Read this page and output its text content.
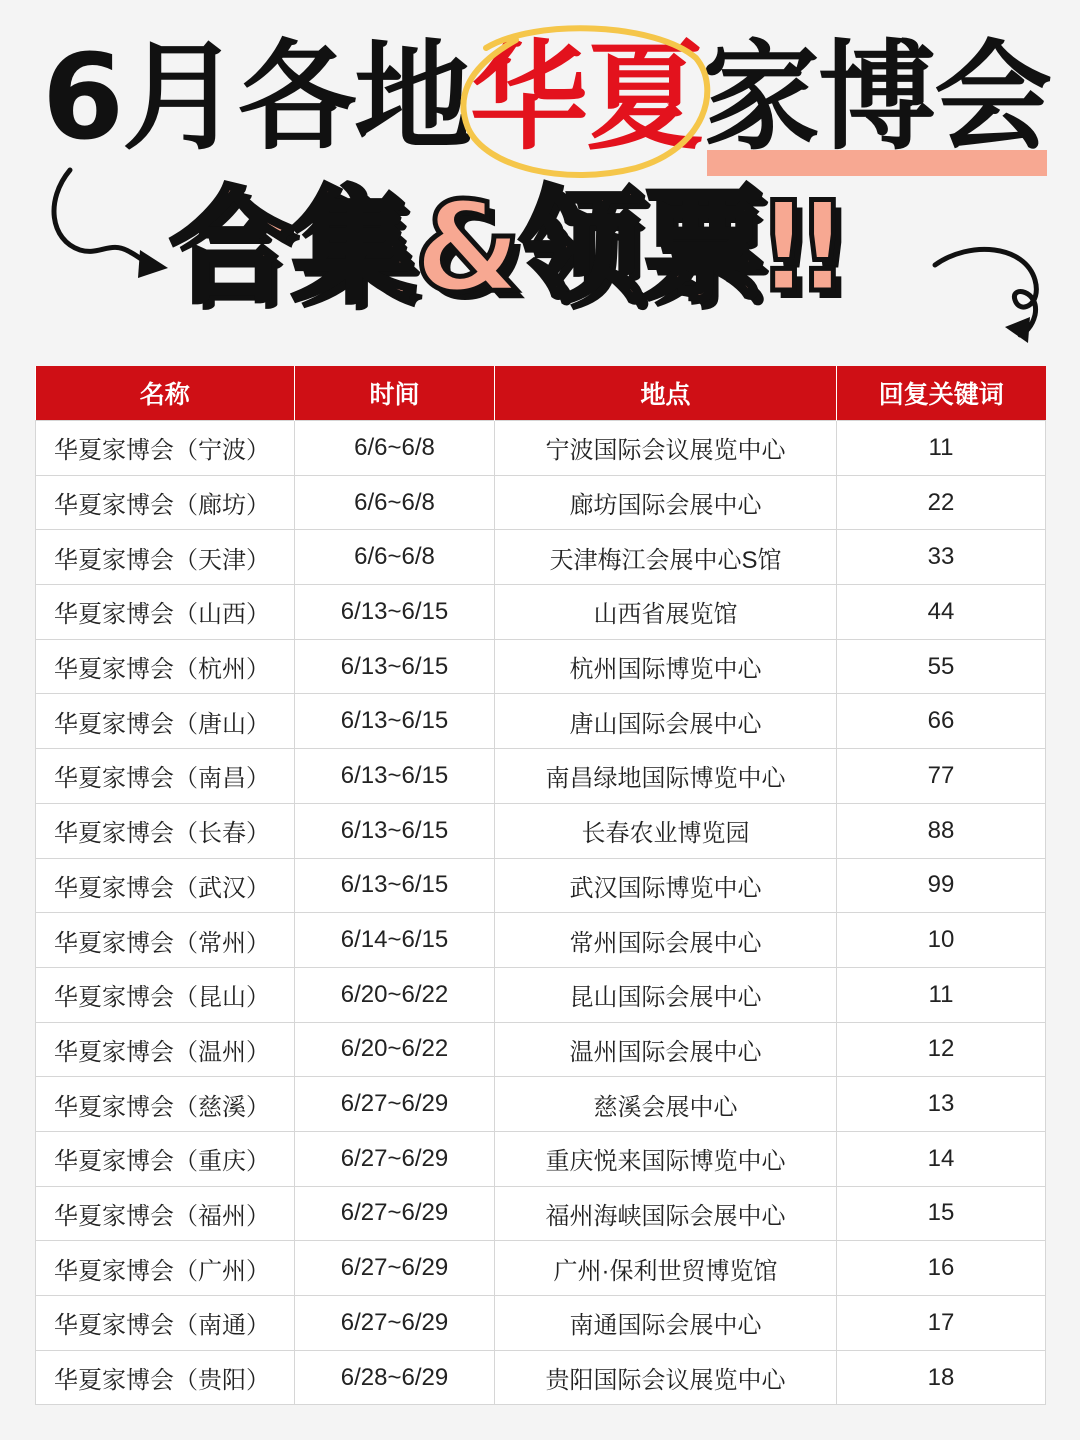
6月各地华夏家博会
合集&领票‼
名称	时间	地点	回复关键词
华夏家博会（宁波）	6/6~6/8	宁波国际会议展览中心	11
华夏家博会（廊坊）	6/6~6/8	廊坊国际会展中心	22
华夏家博会（天津）	6/6~6/8	天津梅江会展中心S馆	33
华夏家博会（山西）	6/13~6/15	山西省展览馆	44
华夏家博会（杭州）	6/13~6/15	杭州国际博览中心	55
华夏家博会（唐山）	6/13~6/15	唐山国际会展中心	66
华夏家博会（南昌）	6/13~6/15	南昌绿地国际博览中心	77
华夏家博会（长春）	6/13~6/15	长春农业博览园	88
华夏家博会（武汉）	6/13~6/15	武汉国际博览中心	99
华夏家博会（常州）	6/14~6/15	常州国际会展中心	10
华夏家博会（昆山）	6/20~6/22	昆山国际会展中心	11
华夏家博会（温州）	6/20~6/22	温州国际会展中心	12
华夏家博会（慈溪）	6/27~6/29	慈溪会展中心	13
华夏家博会（重庆）	6/27~6/29	重庆悦来国际博览中心	14
华夏家博会（福州）	6/27~6/29	福州海峡国际会展中心	15
华夏家博会（广州）	6/27~6/29	广州·保利世贸博览馆	16
华夏家博会（南通）	6/27~6/29	南通国际会展中心	17
华夏家博会（贵阳）	6/28~6/29	贵阳国际会议展览中心	18
